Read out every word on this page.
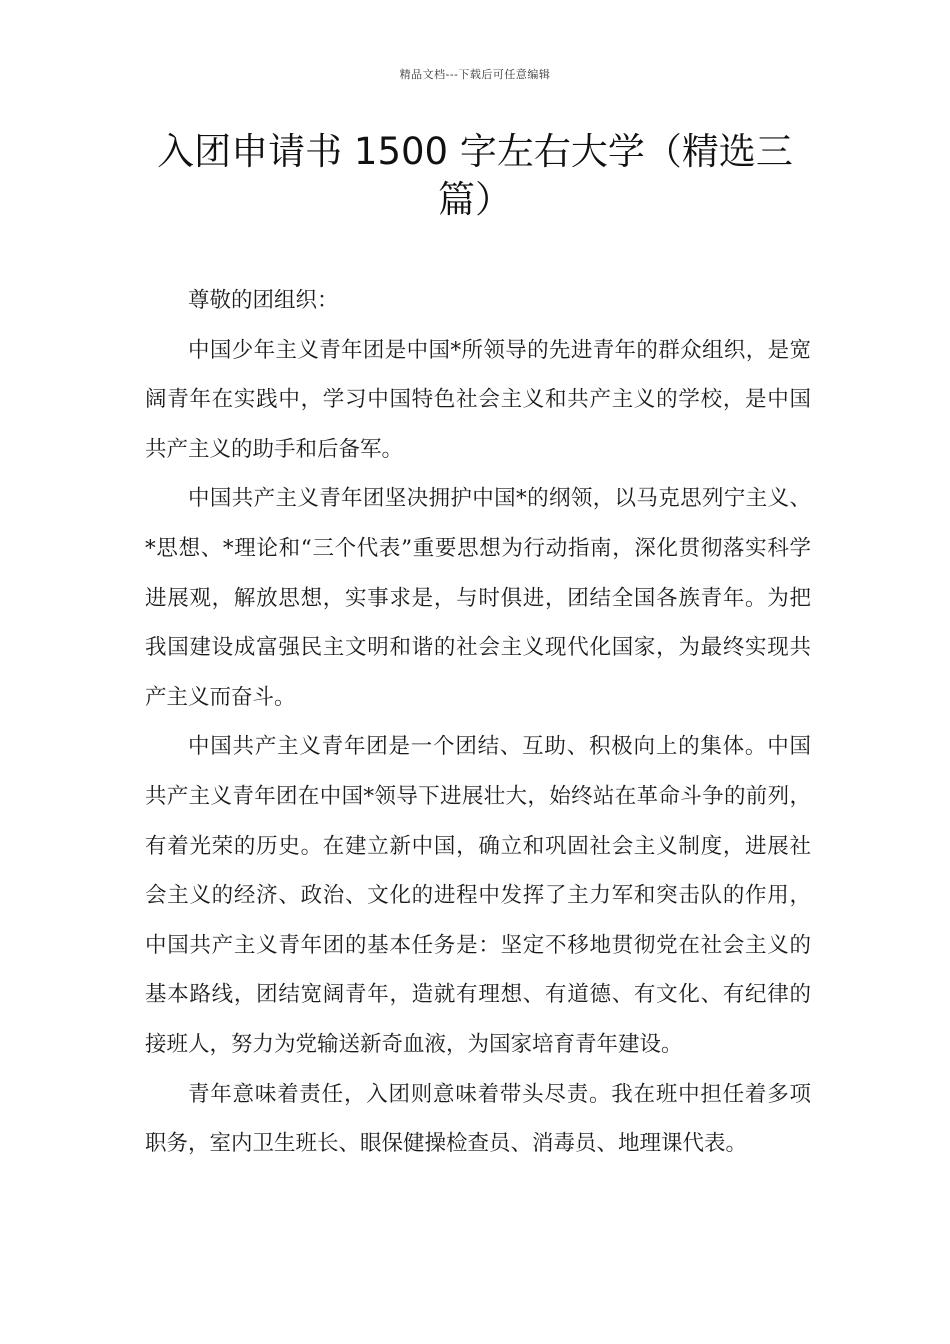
精品文档---下载后可任意编辑
入团申请书 1500 字左右大学（精选三篇）

尊敬的团组织：

中国少年主义青年团是中国*所领导的先进青年的群众组织，是宽阔青年在实践中，学习中国特色社会主义和共产主义的学校，是中国共产主义的助手和后备军。

中国共产主义青年团坚决拥护中国*的纲领，以马克思列宁主义、*思想、*理论和“三个代表”重要思想为行动指南，深化贯彻落实科学进展观，解放思想，实事求是，与时俱进，团结全国各族青年。为把我国建设成富强民主文明和谐的社会主义现代化国家，为最终实现共产主义而奋斗。

中国共产主义青年团是一个团结、互助、积极向上的集体。中国共产主义青年团在中国*领导下进展壮大，始终站在革命斗争的前列，有着光荣的历史。在建立新中国，确立和巩固社会主义制度，进展社会主义的经济、政治、文化的进程中发挥了主力军和突击队的作用，中国共产主义青年团的基本任务是：坚定不移地贯彻党在社会主义的基本路线，团结宽阔青年，造就有理想、有道德、有文化、有纪律的接班人，努力为党输送新奇血液，为国家培育青年建设。

青年意味着责任，入团则意味着带头尽责。我在班中担任着多项职务，室内卫生班长、眼保健操检查员、消毒员、地理课代表。
